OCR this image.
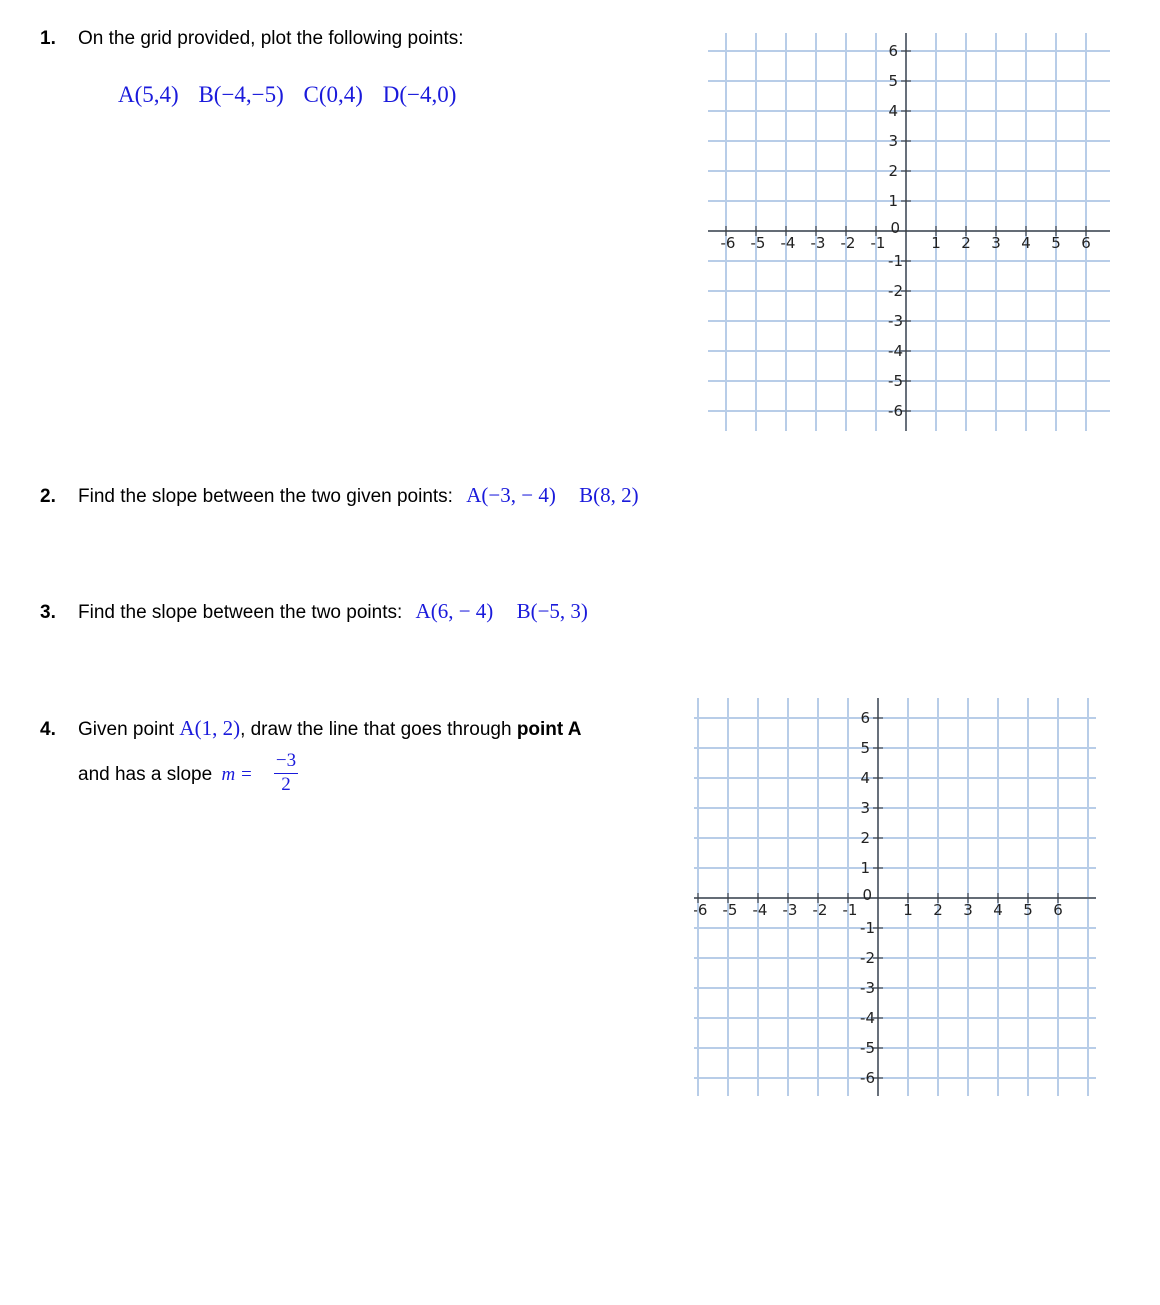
1. On the grid provided, plot the following points:
A(5,4) B(−4,−5) C(0,4) D(−4,0)
-6 -5 -4 -3 -2 -1	1 2 3 4 5 6
6
5
4
3
2
1
-1
-2
-3
-4
-5
-6
0
2. Find the slope between the two given points: A(−3, − 4) B(8, 2)
3. Find the slope between the two points: A(6, − 4) B(−5, 3)
4. Given point A(1, 2), draw the line that goes through point A
and has a slope $m = \frac{-3}{2}$
-6 -5 -4 -3 -2 -1	1 2 3 4 5 6
6
5
4
3
2
1
-1
-2
-3
-4
-5
-6
0
